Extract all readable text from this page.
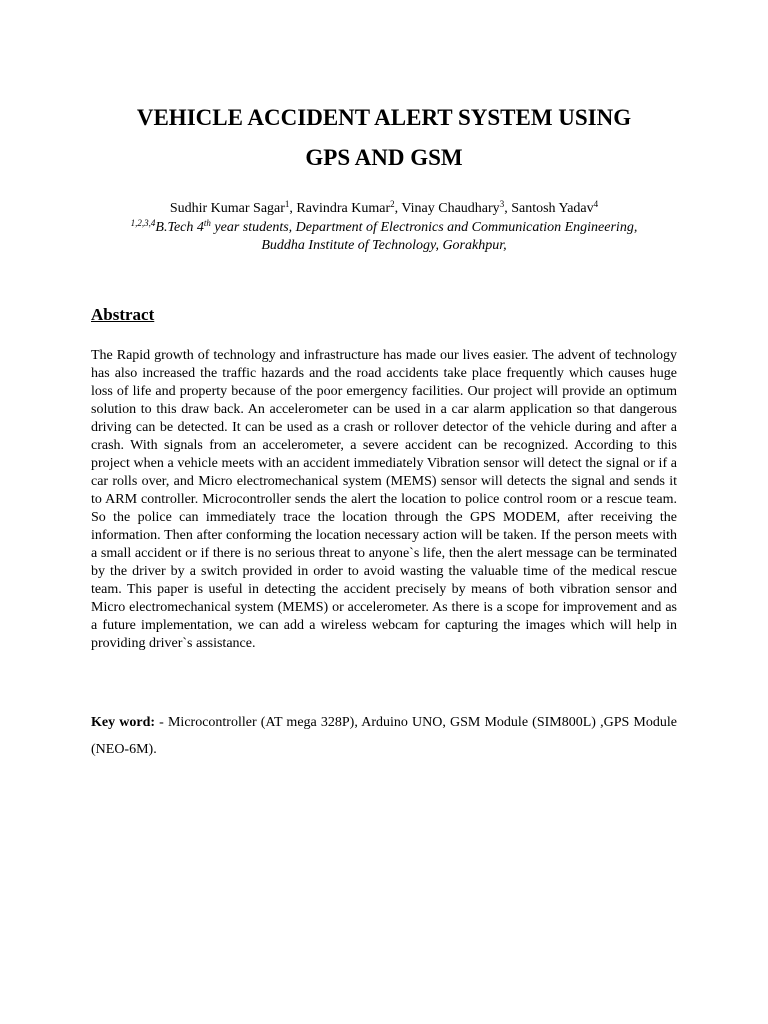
VEHICLE ACCIDENT ALERT SYSTEM USING
GPS AND GSM

Sudhir Kumar Sagar$^1$, Ravindra Kumar$^2$, Vinay Chaudhary$^3$, Santosh Yadav$^4$

$^{1,2,3,4}$B.Tech 4th year students, Department of Electronics and Communication Engineering,
Buddha Institute of Technology, Gorakhpur,

Abstract

The Rapid growth of technology and infrastructure has made our lives easier. The advent of technology has also increased the traffic hazards and the road accidents take place frequently which causes huge loss of life and property because of the poor emergency facilities. Our project will provide an optimum solution to this draw back. An accelerometer can be used in a car alarm application so that dangerous driving can be detected. It can be used as a crash or rollover detector of the vehicle during and after a crash. With signals from an accelerometer, a severe accident can be recognized. According to this project when a vehicle meets with an accident immediately Vibration sensor will detect the signal or if a car rolls over, and Micro electromechanical system (MEMS) sensor will detects the signal and sends it to ARM controller. Microcontroller sends the alert the location to police control room or a rescue team. So the police can immediately trace the location through the GPS MODEM, after receiving the information. Then after conforming the location necessary action will be taken. If the person meets with a small accident or if there is no serious threat to anyone`s life, then the alert message can be terminated by the driver by a switch provided in order to avoid wasting the valuable time of the medical rescue team. This paper is useful in detecting the accident precisely by means of both vibration sensor and Micro electromechanical system (MEMS) or accelerometer. As there is a scope for improvement and as a future implementation, we can add a wireless webcam for capturing the images which will help in providing driver`s assistance.

Key word: - Microcontroller (AT mega 328P), Arduino UNO, GSM Module (SIM800L) ,GPS Module (NEO-6M).
